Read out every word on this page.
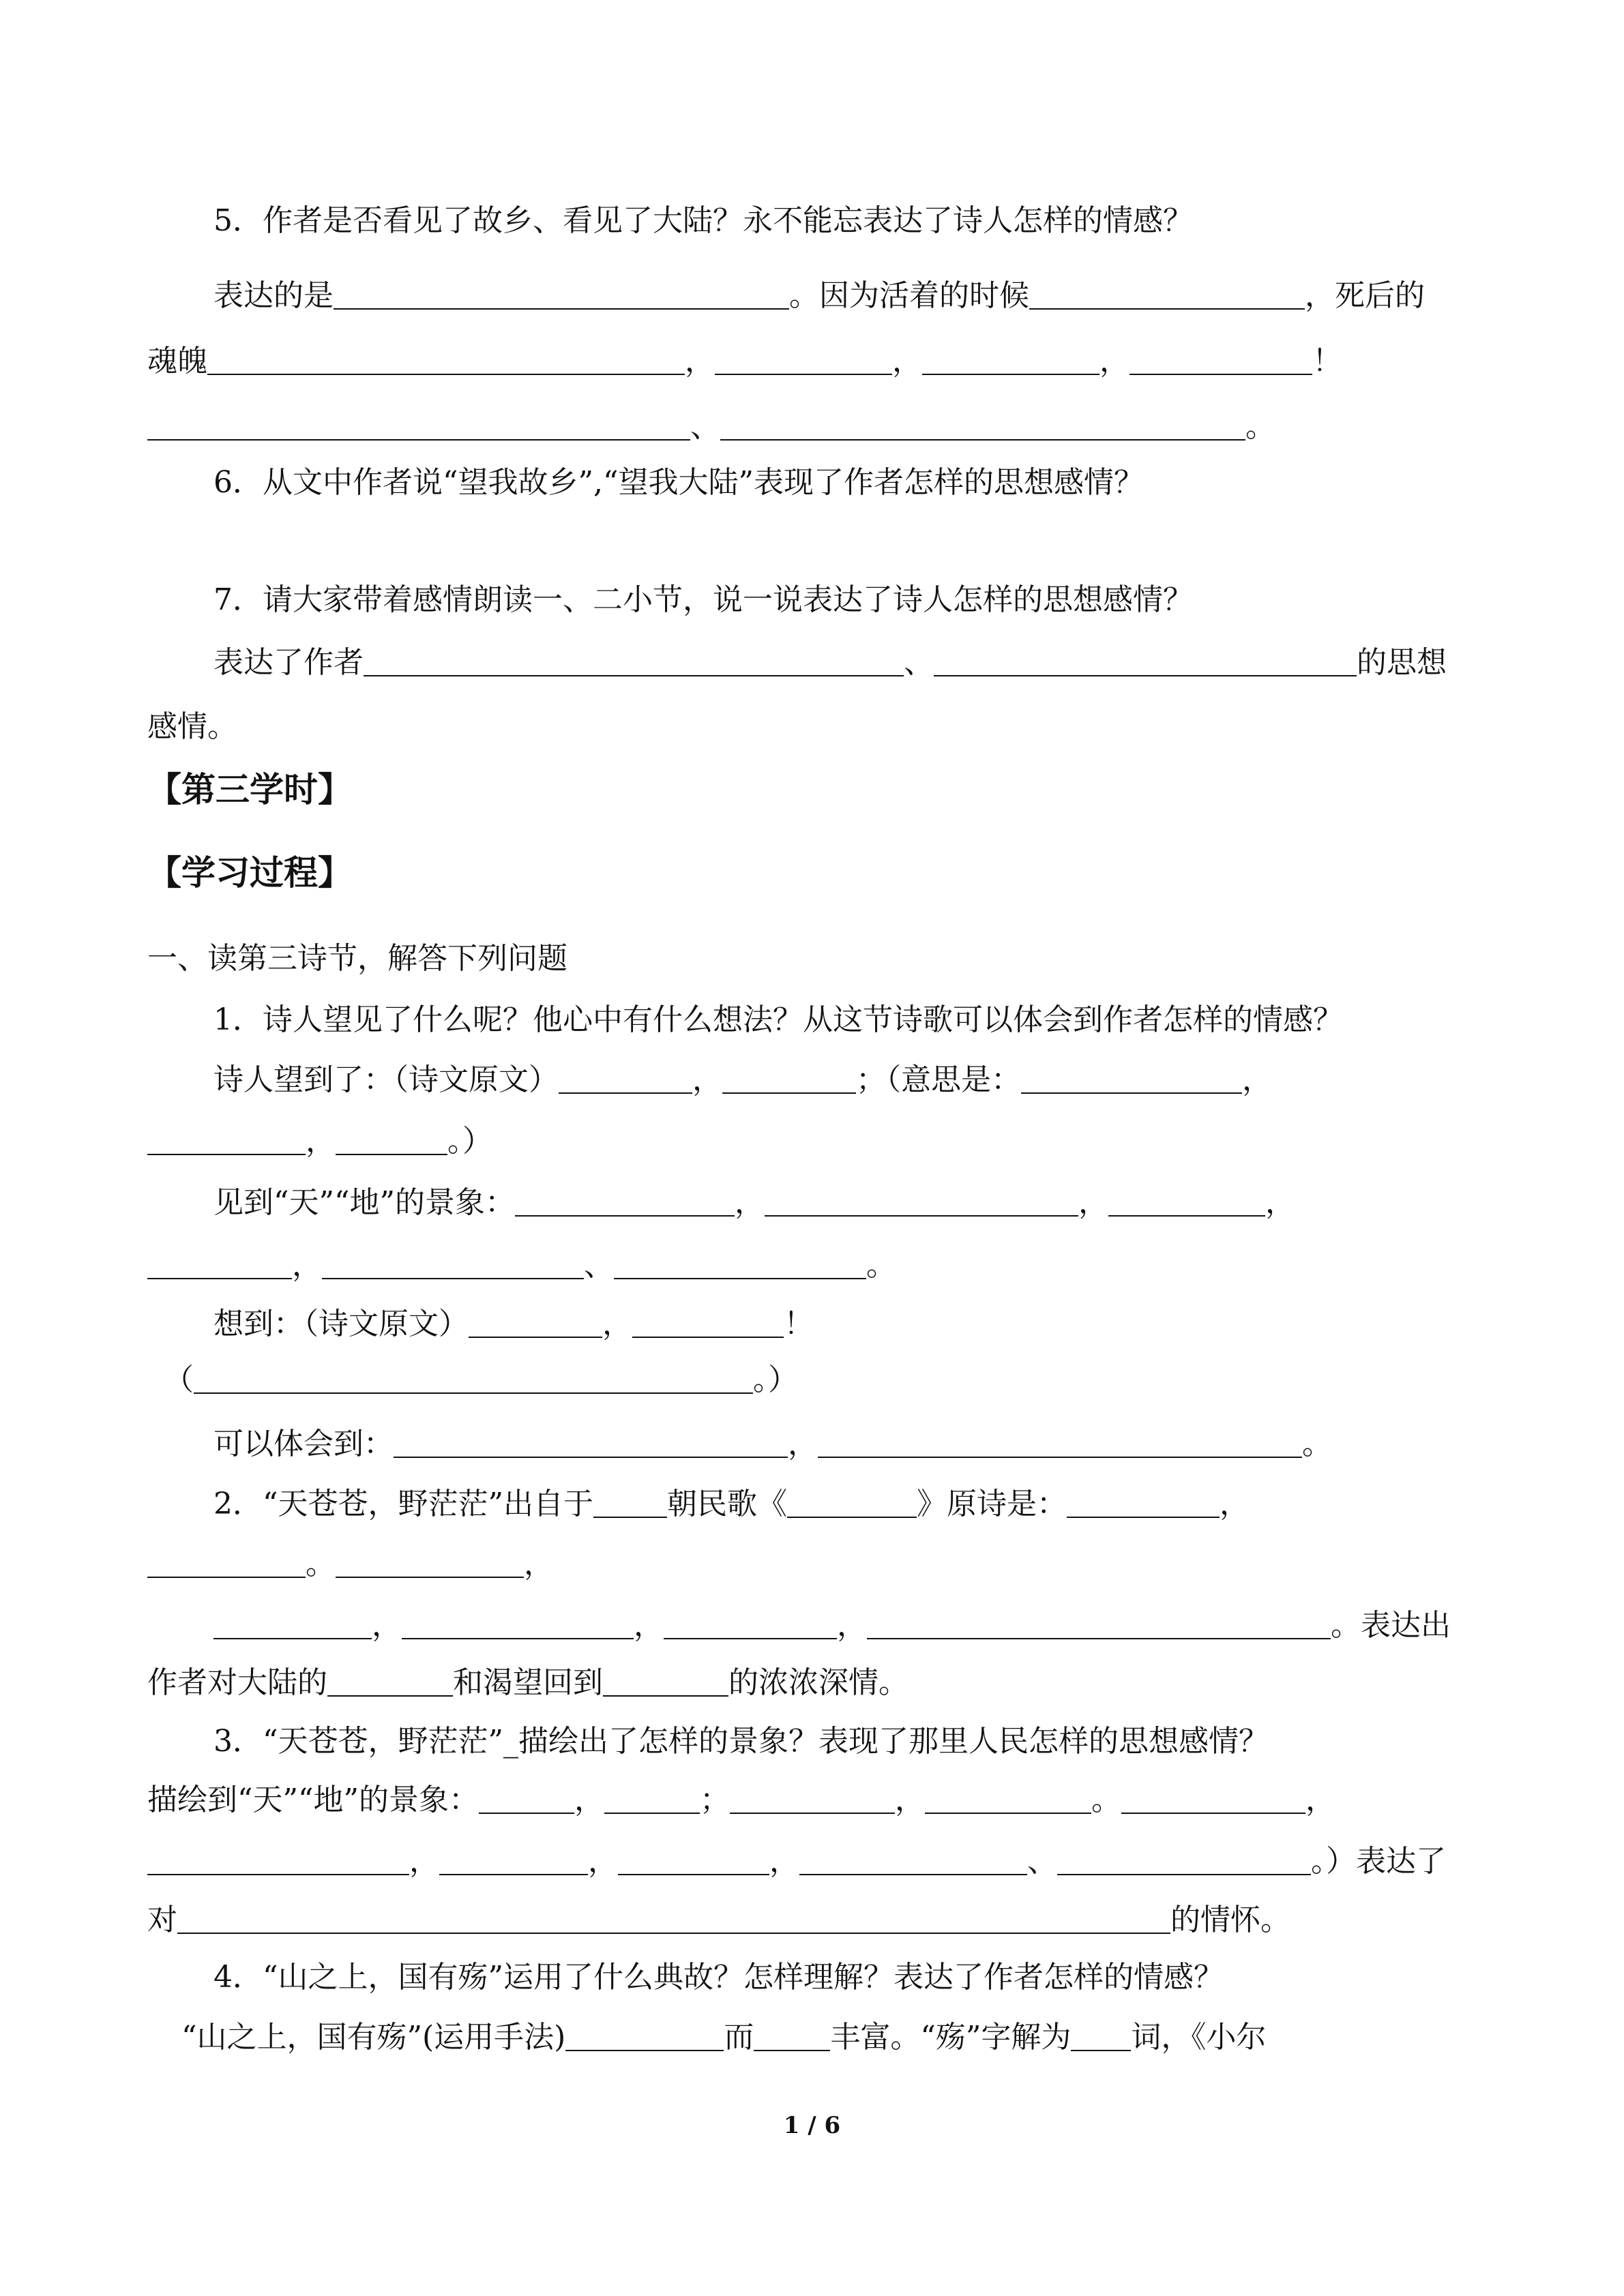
5．作者是否看见了故乡、看见了大陆？永不能忘表达了诗人怎样的情感？
表达的是	。因为活着的时候	，死后的
魂魄	，	，	，	！
、	。
6．从文中作者说“望我故乡”,“望我大陆”表现了作者怎样的思想感情？
7．请大家带着感情朗读一、二小节，说一说表达了诗人怎样的思想感情？
表达了作者	、	的思想
感情。
【第三学时】
【学习过程】
一、读第三诗节，解答下列问题
1．诗人望见了什么呢？他心中有什么想法？从这节诗歌可以体会到作者怎样的情感？
诗人望到了：（诗文原文）	，	；（意思是：	，
，	。）
见到“天”“地”的景象：	，	，	，
，	、	。
想到：（诗文原文）	，	！
（	。）
可以体会到：	，	。
2．“天苍苍，野茫茫”出自于 朝民歌《	》原诗是：	，
。	，
，	，	，	。表达出
作者对大陆的	和渴望回到	的浓浓深情。
3．“天苍苍，野茫茫”_描绘出了怎样的景象？表现了那里人民怎样的思想感情？
描绘到“天”“地”的景象：	，	；	，	。	，
，	，	，	、	。）表达了
对	的情怀。
4．“山之上，国有殇”运用了什么典故？怎样理解？表达了作者怎样的情感？
“山之上，国有殇”(运用手法)	而	丰富。“殇”字解为 词，《小尔
1 / 6
